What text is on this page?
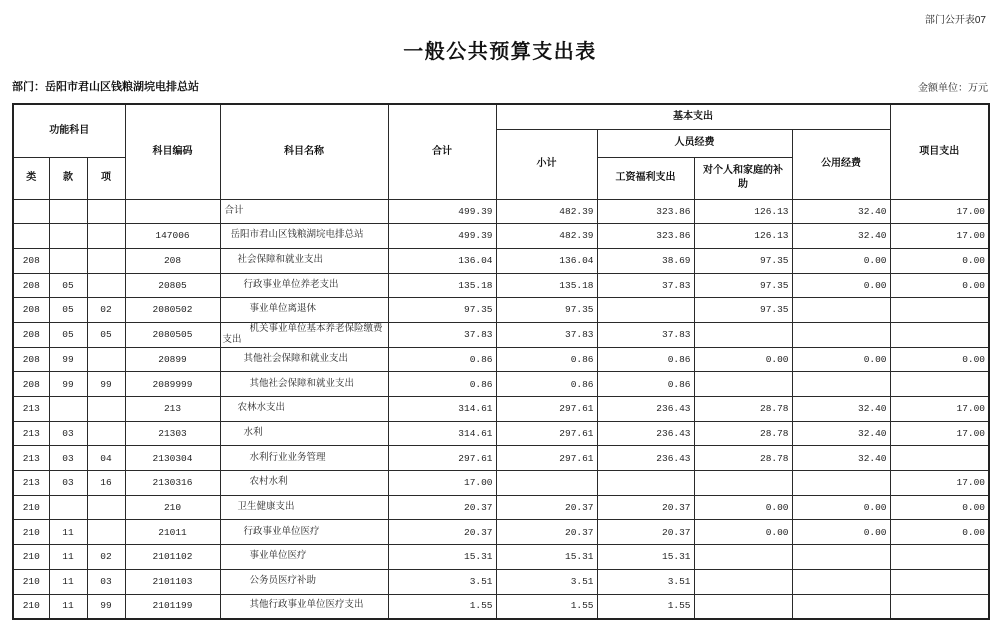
部门公开表07
一般公共预算支出表
部门：岳阳市君山区钱粮湖垸电排总站	金额单位：万元
功能科目			科目编码	科目名称	合计	基本支出				项目支出
						小计	人员经费		公用经费	
类	款	项					工资福利支出	对个人和家庭的补助		
				合计	499.39	482.39	323.86	126.13	32.40	17.00
			147006	岳阳市君山区钱粮湖垸电排总站	499.39	482.39	323.86	126.13	32.40	17.00
208			208	社会保障和就业支出	136.04	136.04	38.69	97.35	0.00	0.00
208	05		20805	行政事业单位养老支出	135.18	135.18	37.83	97.35	0.00	0.00
208	05	02	2080502	事业单位离退休	97.35	97.35		97.35		
208	05	05	2080505	机关事业单位基本养老保险缴费支出	37.83	37.83	37.83			
208	99		20899	其他社会保障和就业支出	0.86	0.86	0.86	0.00	0.00	0.00
208	99	99	2089999	其他社会保障和就业支出	0.86	0.86	0.86			
213			213	农林水支出	314.61	297.61	236.43	28.78	32.40	17.00
213	03		21303	水利	314.61	297.61	236.43	28.78	32.40	17.00
213	03	04	2130304	水利行业业务管理	297.61	297.61	236.43	28.78	32.40	
213	03	16	2130316	农村水利	17.00					17.00
210			210	卫生健康支出	20.37	20.37	20.37	0.00	0.00	0.00
210	11		21011	行政事业单位医疗	20.37	20.37	20.37	0.00	0.00	0.00
210	11	02	2101102	事业单位医疗	15.31	15.31	15.31			
210	11	03	2101103	公务员医疗补助	3.51	3.51	3.51			
210	11	99	2101199	其他行政事业单位医疗支出	1.55	1.55	1.55			
